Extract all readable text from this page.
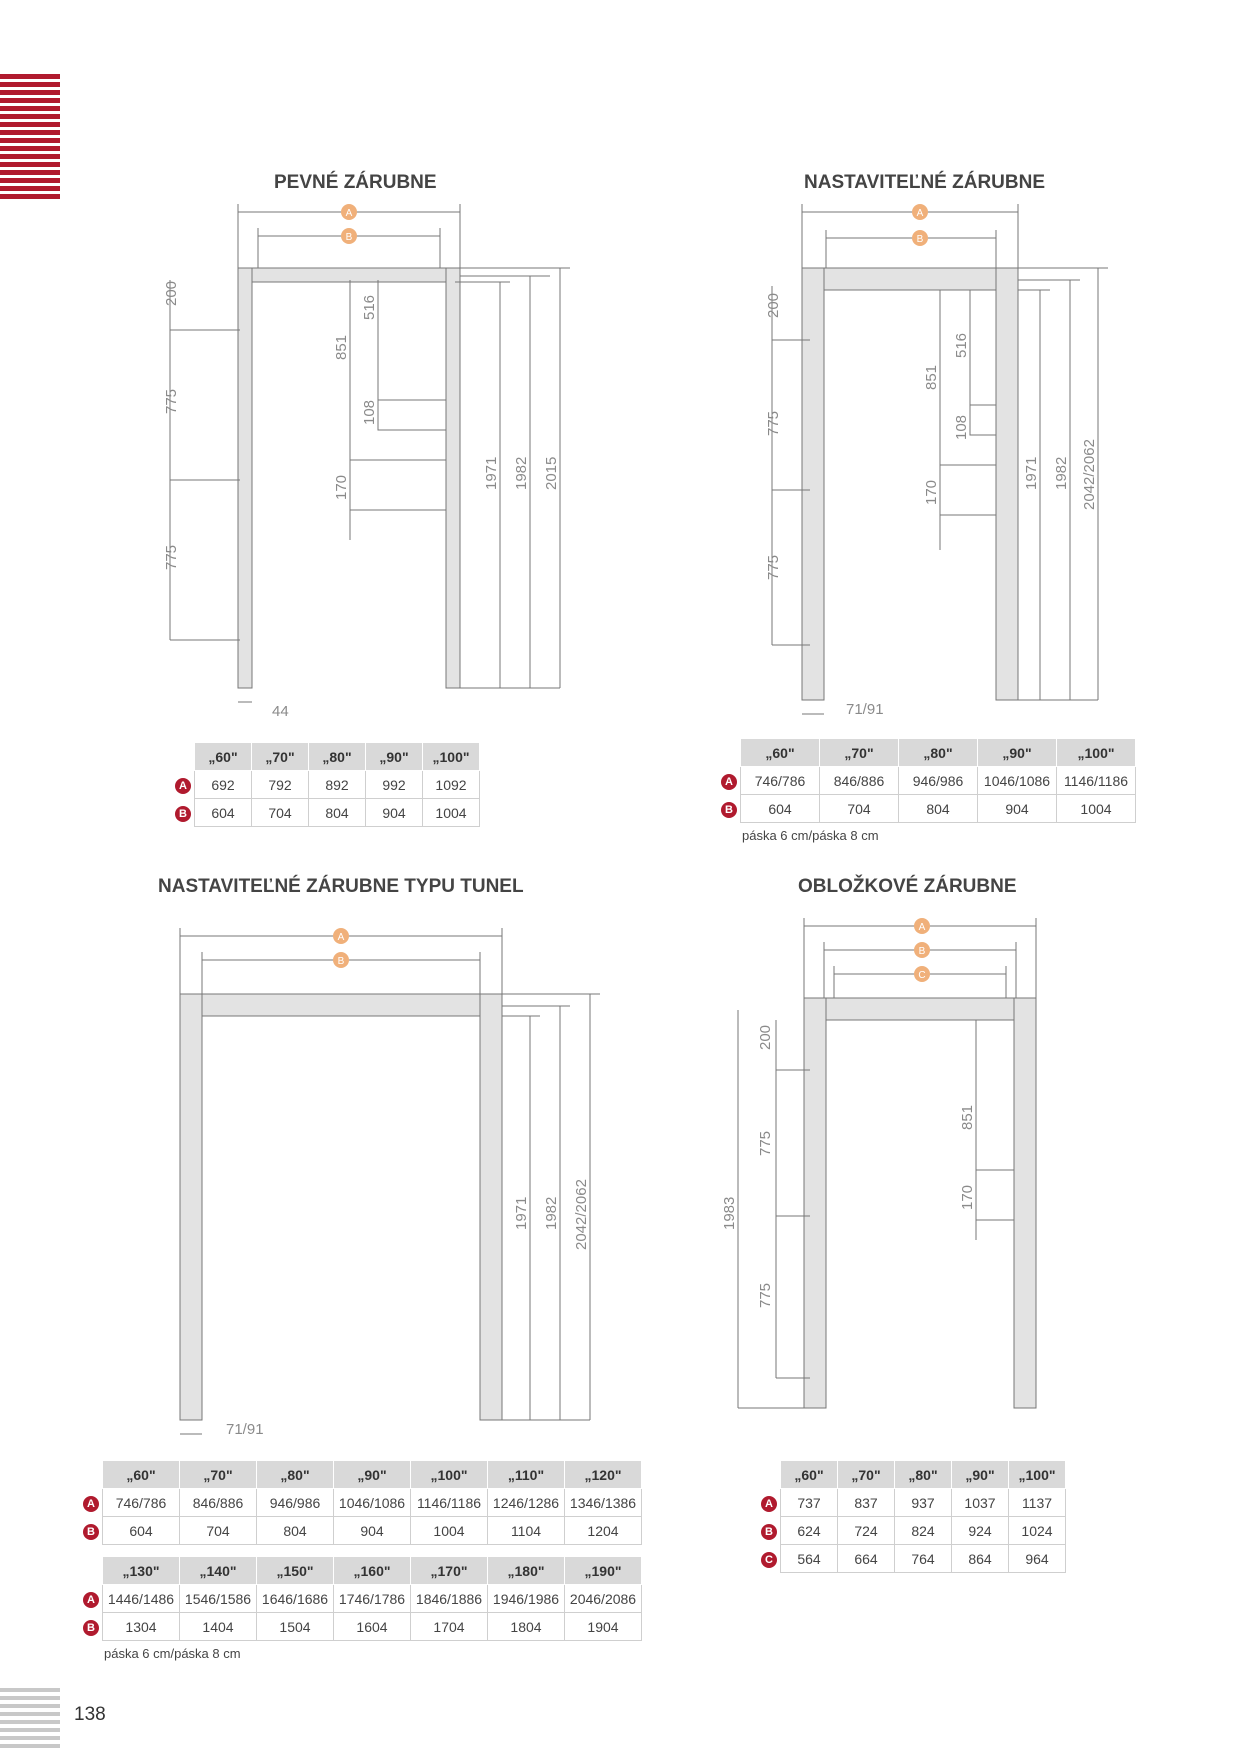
138
PEVNÉ ZÁRUBNE
A
B
200
775
775
851
516
108
170	1971 1982 2015
44
	„60"	„70"	„80"	„90"	„100"
A	692	792	892	992	1092
B	604	704	804	904	1004
NASTAVITEĽNÉ ZÁRUBNE
A
B
200
775
775
851
516
108
170
1971 1982 2042/2062
71/91
	„60"	„70"	„80"	„90"	„100"
A	746/786	846/886	946/986	1046/1086	1146/1186
B	604	704	804	904	1004
páska 6 cm/páska 8 cm
NASTAVITEĽNÉ ZÁRUBNE TYPU TUNEL
A
B
1971 1982 2042/2062
71/91
	„60"	„70"	„80"	„90"	„100"	„110"	„120"
A	746/786	846/886	946/986	1046/1086	1146/1186	1246/1286	1346/1386
B	604	704	804	904	1004	1104	1204
	„130"	„140"	„150"	„160"	„170"	„180"	„190"
A	1446/1486	1546/1586	1646/1686	1746/1786	1846/1886	1946/1986	2046/2086
B	1304	1404	1504	1604	1704	1804	1904
páska 6 cm/páska 8 cm
OBLOŽKOVÉ ZÁRUBNE
A
B
C
200
775
775
851
170
1983
	„60"	„70"	„80"	„90"	„100"
A	737	837	937	1037	1137
B	624	724	824	924	1024
C	564	664	764	864	964
